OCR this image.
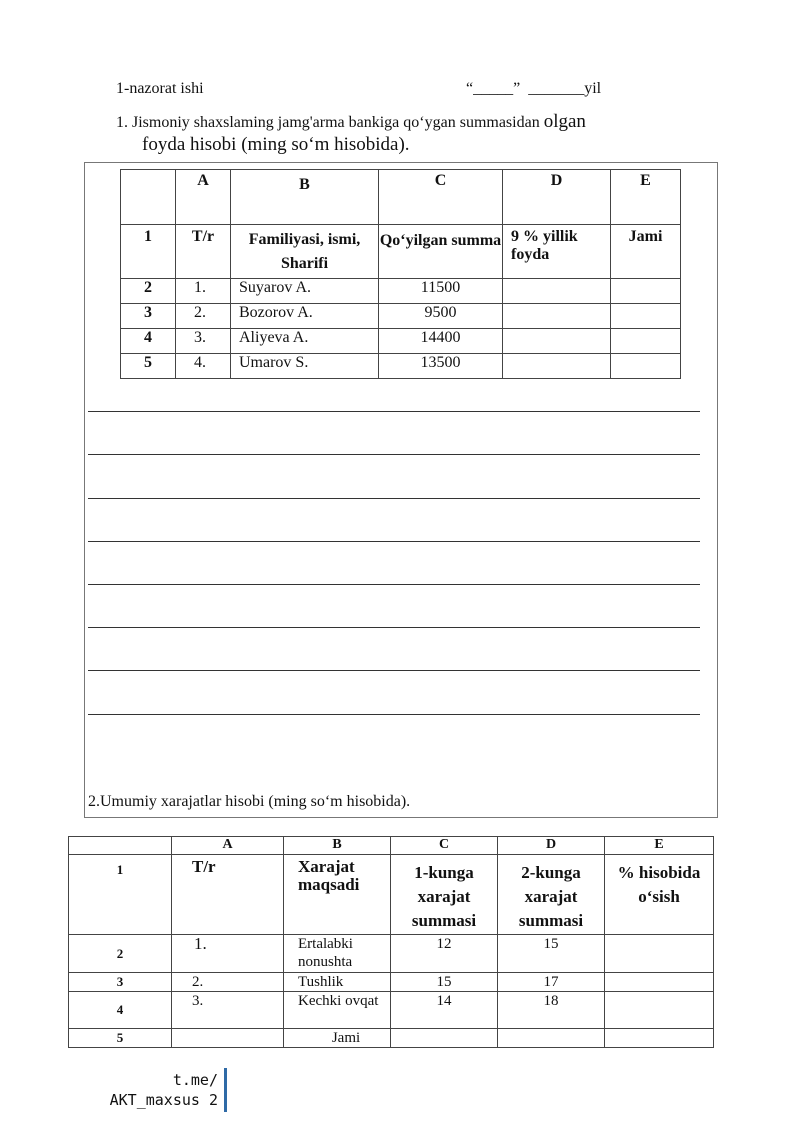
1-nazorat ishi	“_____”  _______yil
1. Jismoniy shaxslaming jamg'arma bankiga qo‘ygan summasidan olgan
foyda hisobi (ming so‘m hisobida).
	A	B	C	D	E
1	T/r	Familiyasi, ismi, Sharifi	Qo‘yilgan summa	9 % yillik foyda	Jami
2	1.	Suyarov A.	11500		
3	2.	Bozorov A.	9500		
4	3.	Aliyeva A.	14400		
5	4.	Umarov S.	13500		
2.Umumiy xarajatlar hisobi (ming so‘m hisobida).
	A	B	C	D	E
1	T/r	Xarajat maqsadi	1-kunga xarajat summasi	2-kunga xarajat summasi	% hisobida o‘sish
2	1.	Ertalabki nonushta	12	15	
3	2.	Tushlik	15	17	
4	3.	Kechki ovqat	14	18	
5		Jami			
t.me/
AKT_maxsus 2
